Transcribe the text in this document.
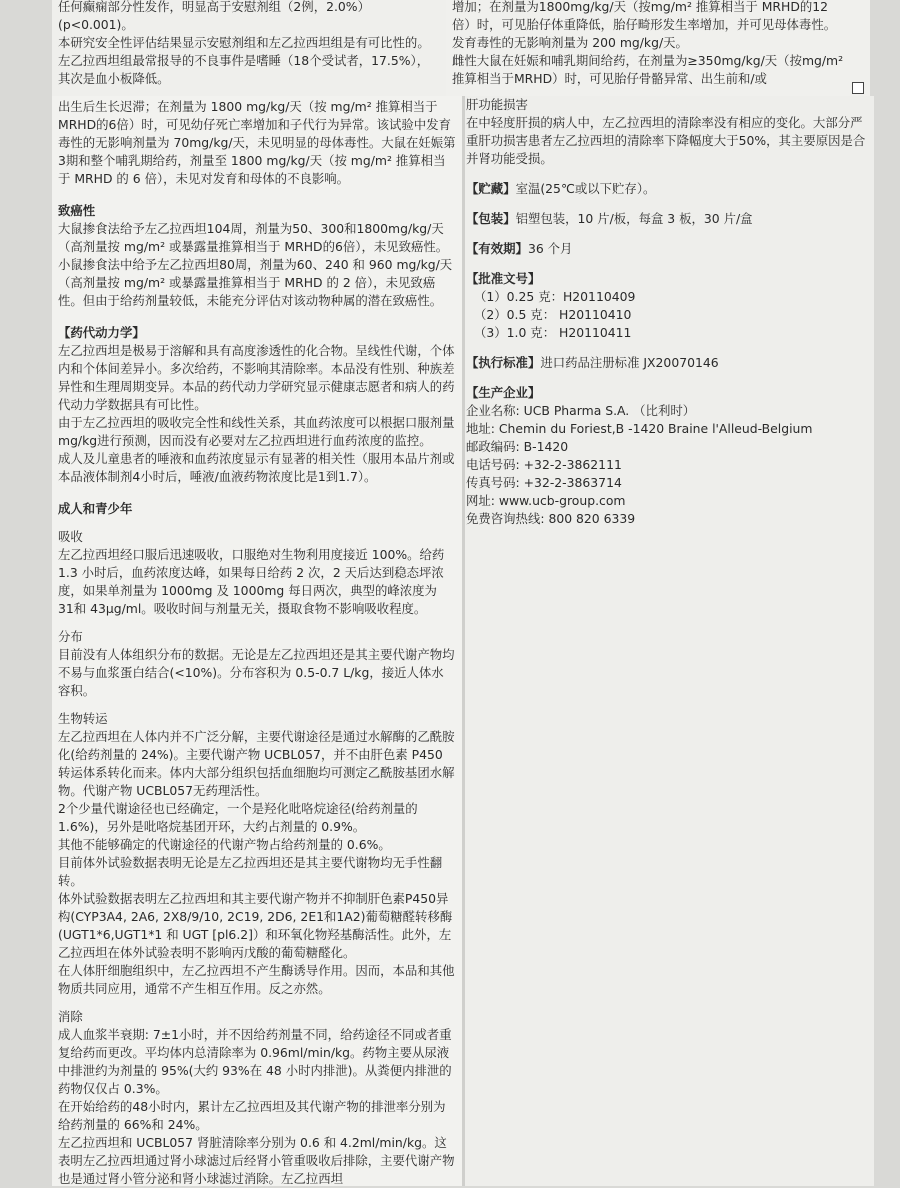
任何癫痫部分性发作，明显高于安慰剂组（2例，2.0%）

(p<0.001)。

本研究安全性评估结果显示安慰剂组和左乙拉西坦组是有可比性的。左乙拉西坦组最常报导的不良事件是嗜睡（18个受试者，17.5%），其次是血小板降低。

增加；在剂量为1800mg/kg/天（按mg/m² 推算相当于 MRHD的12倍）时，可见胎仔体重降低，胎仔畸形发生率增加，并可见母体毒性。发育毒性的无影响剂量为 200 mg/kg/天。

雌性大鼠在妊娠和哺乳期间给药，在剂量为≥350mg/kg/天（按mg/m²推算相当于MRHD）时，可见胎仔骨骼异常、出生前和/或

出生后生长迟滞；在剂量为 1800 mg/kg/天（按 mg/m² 推算相当于MRHD的6倍）时，可见幼仔死亡率增加和子代行为异常。该试验中发育毒性的无影响剂量为 70mg/kg/天，未见明显的母体毒性。大鼠在妊娠第3期和整个哺乳期给药，剂量至 1800 mg/kg/天（按 mg/m² 推算相当于 MRHD 的 6 倍），未见对发育和母体的不良影响。

致癌性

大鼠掺食法给予左乙拉西坦104周，剂量为50、300和1800mg/kg/天（高剂量按 mg/m² 或暴露量推算相当于 MRHD的6倍），未见致癌性。小鼠掺食法中给予左乙拉西坦80周，剂量为60、240 和 960 mg/kg/天（高剂量按 mg/m² 或暴露量推算相当于 MRHD 的 2 倍），未见致癌性。但由于给药剂量较低，未能充分评估对该动物种属的潜在致癌性。

【药代动力学】

左乙拉西坦是极易于溶解和具有高度渗透性的化合物。呈线性代谢，个体内和个体间差异小。多次给药，不影响其清除率。本品没有性别、种族差异性和生理周期变异。本品的药代动力学研究显示健康志愿者和病人的药代动力学数据具有可比性。

由于左乙拉西坦的吸收完全性和线性关系，其血药浓度可以根据口服剂量 mg/kg进行预测，因而没有必要对左乙拉西坦进行血药浓度的监控。

成人及儿童患者的唾液和血药浓度显示有显著的相关性（服用本品片剂或本品液体制剂4小时后，唾液/血液药物浓度比是1到1.7）。

成人和青少年

吸收

左乙拉西坦经口服后迅速吸收，口服绝对生物利用度接近 100%。给药 1.3 小时后，血药浓度达峰，如果每日给药 2 次，2 天后达到稳态坪浓度，如果单剂量为 1000mg 及 1000mg 每日两次，典型的峰浓度为 31和 43μg/ml。吸收时间与剂量无关，摄取食物不影响吸收程度。

分布

目前没有人体组织分布的数据。无论是左乙拉西坦还是其主要代谢产物均不易与血浆蛋白结合(<10%)。分布容积为 0.5-0.7 L/kg，接近人体水容积。

生物转运

左乙拉西坦在人体内并不广泛分解，主要代谢途径是通过水解酶的乙酰胺化(给药剂量的 24%)。主要代谢产物 UCBL057，并不由肝色素 P450 转运体系转化而来。体内大部分组织包括血细胞均可测定乙酰胺基团水解物。代谢产物 UCBL057无药理活性。

2个少量代谢途径也已经确定，一个是羟化吡咯烷途径(给药剂量的 1.6%)，另外是吡咯烷基团开环，大约占剂量的 0.9%。

其他不能够确定的代谢途径的代谢产物占给药剂量的 0.6%。

目前体外试验数据表明无论是左乙拉西坦还是其主要代谢物均无手性翻转。

体外试验数据表明左乙拉西坦和其主要代谢产物并不抑制肝色素P450异构(CYP3A4, 2A6, 2X8/9/10, 2C19, 2D6, 2E1和1A2)葡萄糖醛转移酶(UGT1*6,UGT1*1 和 UGT [pl6.2]）和环氧化物羟基酶活性。此外，左乙拉西坦在体外试验表明不影响丙戊酸的葡萄糖醛化。

在人体肝细胞组织中，左乙拉西坦不产生酶诱导作用。因而，本品和其他物质共同应用，通常不产生相互作用。反之亦然。

消除

成人血浆半衰期: 7±1小时，并不因给药剂量不同，给药途径不同或者重复给药而更改。平均体内总清除率为 0.96ml/min/kg。药物主要从尿液中排泄约为剂量的 95%(大约 93%在 48 小时内排泄)。从粪便内排泄的 药物仅仅占 0.3%。

在开始给药的48小时内，累计左乙拉西坦及其代谢产物的排泄率分别为给药剂量的 66%和 24%。

左乙拉西坦和 UCBL057 肾脏清除率分别为 0.6 和 4.2ml/min/kg。这表明左乙拉西坦通过肾小球滤过后经肾小管重吸收后排除，主要代谢产物也是通过肾小管分泌和肾小球滤过消除。左乙拉西坦

肝功能损害

在中轻度肝损的病人中，左乙拉西坦的清除率没有相应的变化。大部分严重肝功损害患者左乙拉西坦的清除率下降幅度大于50%，其主要原因是合并肾功能受损。

【贮藏】室温(25℃或以下贮存）。

【包装】铝塑包装，10 片/板，每盒 3 板，30 片/盒

【有效期】36 个月

【批准文号】

（1）0.25 克：H20110409

（2）0.5 克： H20110410

（3）1.0 克： H20110411

【执行标准】进口药品注册标准 JX20070146

【生产企业】

企业名称: UCB Pharma S.A. （比利时）

地址: Chemin du Foriest,B -1420 Braine l'Alleud-Belgium

邮政编码: B-1420

电话号码: +32-2-3862111

传真号码: +32-2-3863714

网址: www.ucb-group.com

免费咨询热线: 800 820 6339
